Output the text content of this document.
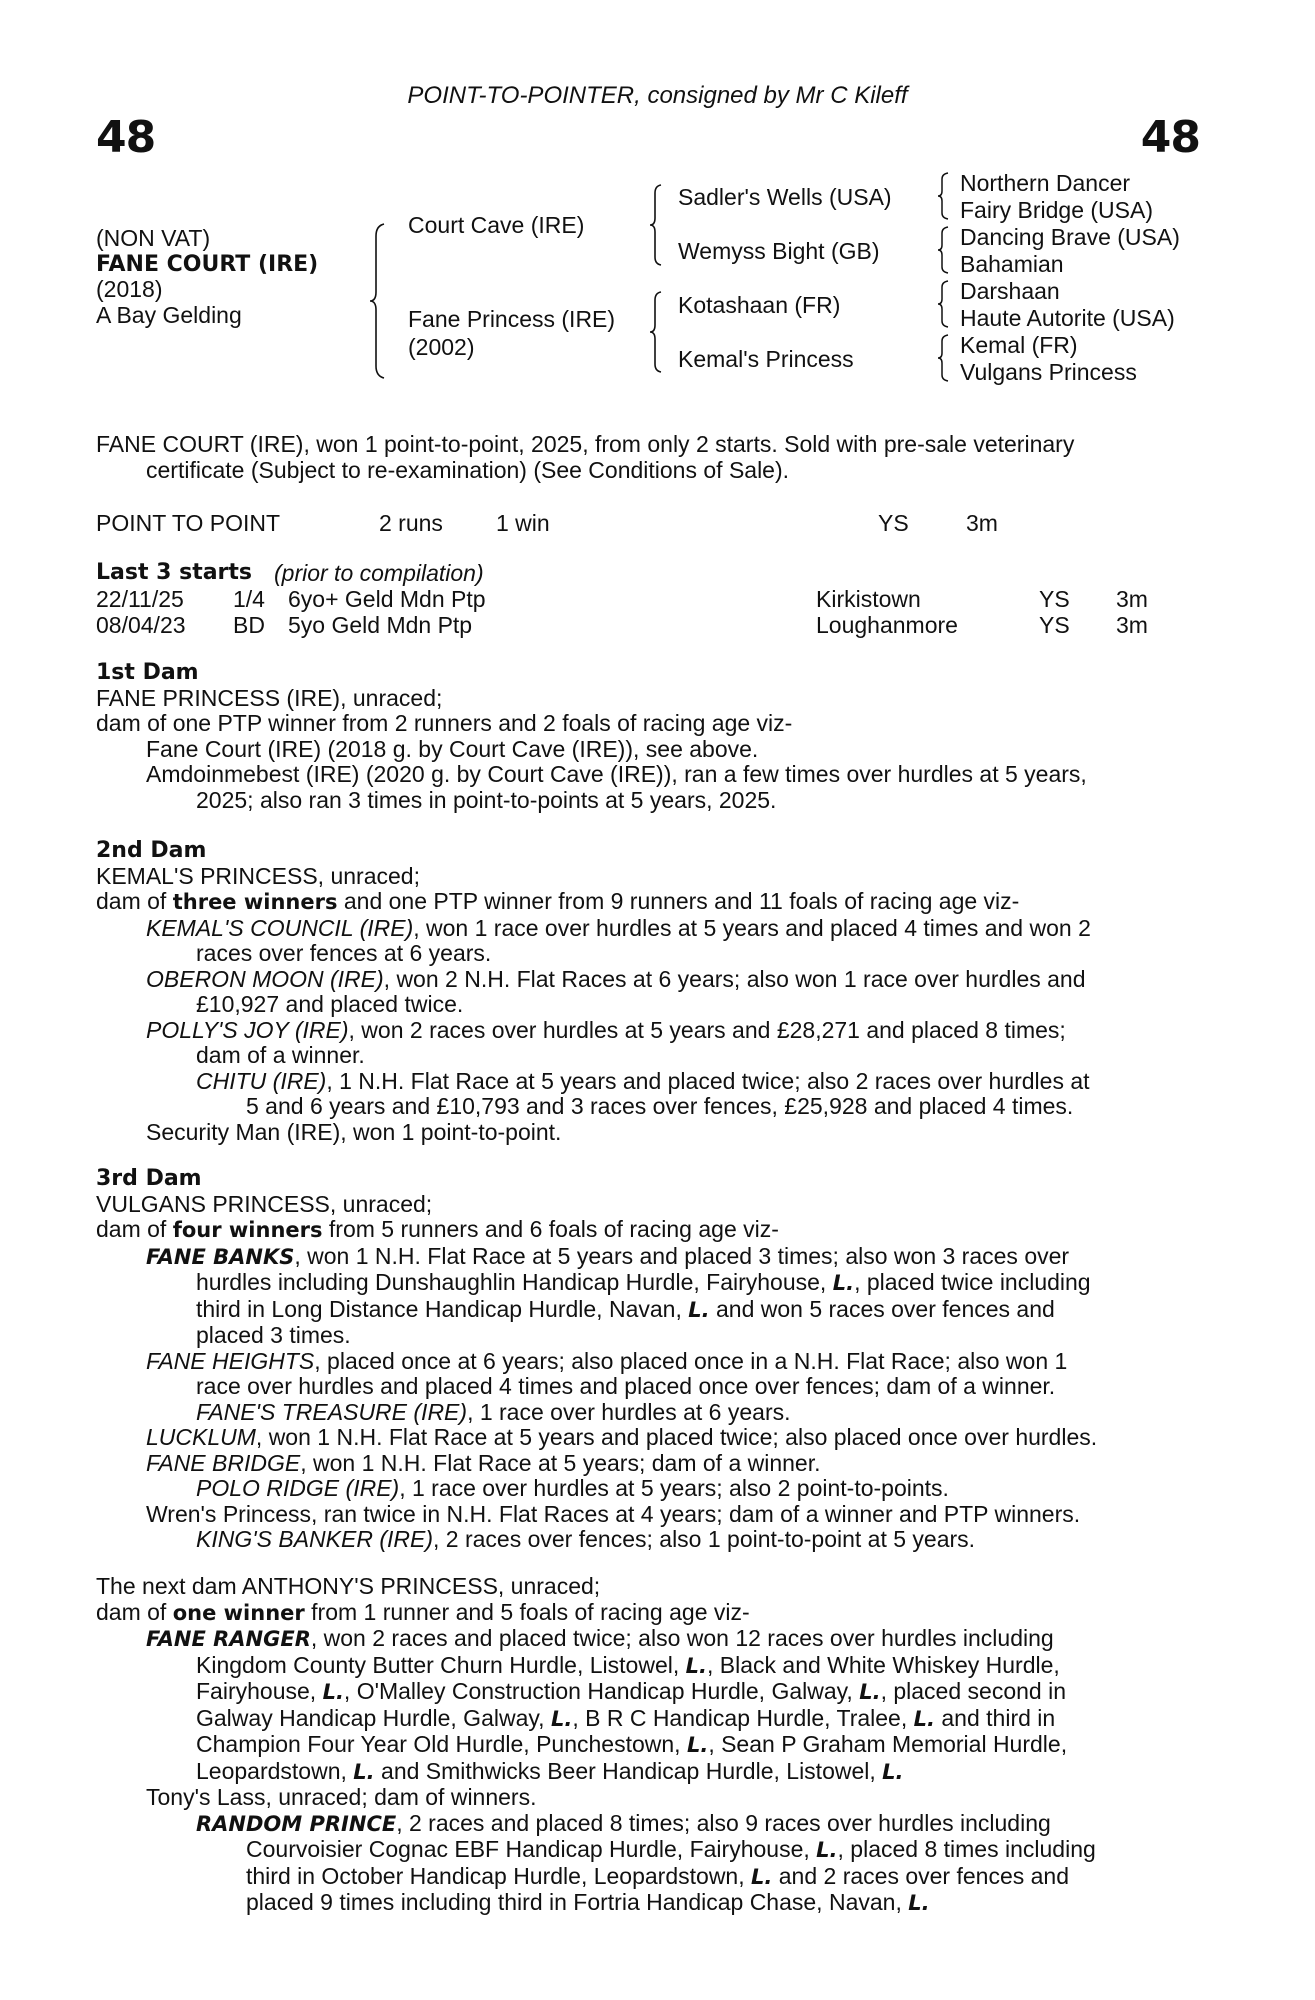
POINT-TO-POINTER, consigned by Mr C Kileff
48	48
(NON VAT)
FANE COURT (IRE)
(2018)
A Bay Gelding
Court Cave (IRE)
Fane Princess (IRE)
(2002)
Sadler's Wells (USA)
Wemyss Bight (GB)
Kotashaan (FR)
Kemal's Princess
Northern Dancer
Fairy Bridge (USA)
Dancing Brave (USA)
Bahamian
Darshaan
Haute Autorite (USA)
Kemal (FR)
Vulgans Princess
FANE COURT (IRE), won 1 point-to-point, 2025, from only 2 starts. Sold with pre-sale veterinary
certificate (Subject to re-examination) (See Conditions of Sale).
POINT TO POINT	2 runs 1 win	YS 3m
Last 3 starts (prior to compilation)
22/11/25 1/4 6yo+ Geld Mdn Ptp	Kirkistown	YS 3m
08/04/23 BD 5yo Geld Mdn Ptp	Loughanmore	YS 3m
1st Dam
FANE PRINCESS (IRE), unraced;
dam of one PTP winner from 2 runners and 2 foals of racing age viz-
Fane Court (IRE) (2018 g. by Court Cave (IRE)), see above.
Amdoinmebest (IRE) (2020 g. by Court Cave (IRE)), ran a few times over hurdles at 5 years,
2025; also ran 3 times in point-to-points at 5 years, 2025.
2nd Dam
KEMAL'S PRINCESS, unraced;
dam of three winners and one PTP winner from 9 runners and 11 foals of racing age viz-
KEMAL'S COUNCIL (IRE), won 1 race over hurdles at 5 years and placed 4 times and won 2
races over fences at 6 years.
OBERON MOON (IRE), won 2 N.H. Flat Races at 6 years; also won 1 race over hurdles and
£10,927 and placed twice.
POLLY'S JOY (IRE), won 2 races over hurdles at 5 years and £28,271 and placed 8 times;
dam of a winner.
CHITU (IRE), 1 N.H. Flat Race at 5 years and placed twice; also 2 races over hurdles at
5 and 6 years and £10,793 and 3 races over fences, £25,928 and placed 4 times.
Security Man (IRE), won 1 point-to-point.
3rd Dam
VULGANS PRINCESS, unraced;
dam of four winners from 5 runners and 6 foals of racing age viz-
FANE BANKS, won 1 N.H. Flat Race at 5 years and placed 3 times; also won 3 races over
hurdles including Dunshaughlin Handicap Hurdle, Fairyhouse, L., placed twice including
third in Long Distance Handicap Hurdle, Navan, L. and won 5 races over fences and
placed 3 times.
FANE HEIGHTS, placed once at 6 years; also placed once in a N.H. Flat Race; also won 1
race over hurdles and placed 4 times and placed once over fences; dam of a winner.
FANE'S TREASURE (IRE), 1 race over hurdles at 6 years.
LUCKLUM, won 1 N.H. Flat Race at 5 years and placed twice; also placed once over hurdles.
FANE BRIDGE, won 1 N.H. Flat Race at 5 years; dam of a winner.
POLO RIDGE (IRE), 1 race over hurdles at 5 years; also 2 point-to-points.
Wren's Princess, ran twice in N.H. Flat Races at 4 years; dam of a winner and PTP winners.
KING'S BANKER (IRE), 2 races over fences; also 1 point-to-point at 5 years.
The next dam ANTHONY'S PRINCESS, unraced;
dam of one winner from 1 runner and 5 foals of racing age viz-
FANE RANGER, won 2 races and placed twice; also won 12 races over hurdles including
Kingdom County Butter Churn Hurdle, Listowel, L., Black and White Whiskey Hurdle,
Fairyhouse, L., O'Malley Construction Handicap Hurdle, Galway, L., placed second in
Galway Handicap Hurdle, Galway, L., B R C Handicap Hurdle, Tralee, L. and third in
Champion Four Year Old Hurdle, Punchestown, L., Sean P Graham Memorial Hurdle,
Leopardstown, L. and Smithwicks Beer Handicap Hurdle, Listowel, L.
Tony's Lass, unraced; dam of winners.
RANDOM PRINCE, 2 races and placed 8 times; also 9 races over hurdles including
Courvoisier Cognac EBF Handicap Hurdle, Fairyhouse, L., placed 8 times including
third in October Handicap Hurdle, Leopardstown, L. and 2 races over fences and
placed 9 times including third in Fortria Handicap Chase, Navan, L.
